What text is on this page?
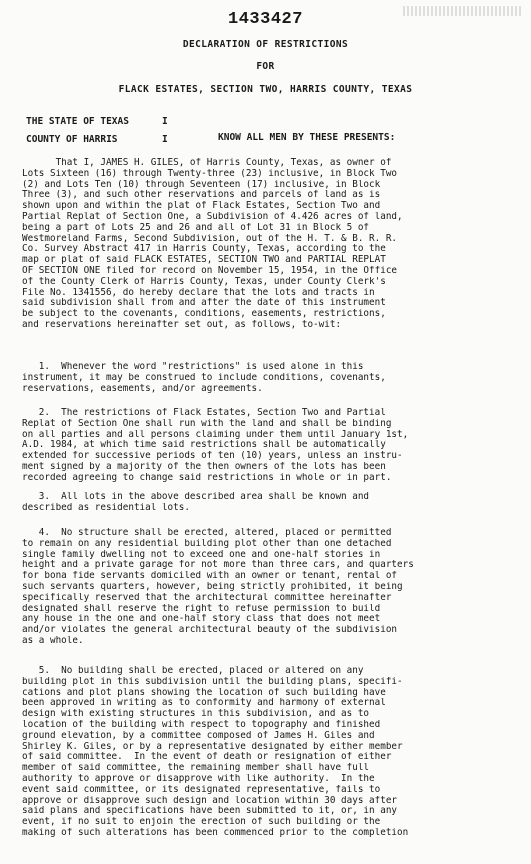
1433427
DECLARATION OF RESTRICTIONS
FOR
FLACK ESTATES, SECTION TWO, HARRIS COUNTY, TEXAS
THE STATE OF TEXAS	I
COUNTY OF HARRIS	I	KNOW ALL MEN BY THESE PRESENTS:
That I, JAMES H. GILES, of Harris County, Texas, as owner of
Lots Sixteen (16) through Twenty-three (23) inclusive, in Block Two
(2) and Lots Ten (10) through Seventeen (17) inclusive, in Block
Three (3), and such other reservations and parcels of land as is
shown upon and within the plat of Flack Estates, Section Two and
Partial Replat of Section One, a Subdivision of 4.426 acres of land,
being a part of Lots 25 and 26 and all of Lot 31 in Block 5 of
Westmoreland Farms, Second Subdivision, out of the H. T. & B. R. R.
Co. Survey Abstract 417 in Harris County, Texas, according to the
map or plat of said FLACK ESTATES, SECTION TWO and PARTIAL REPLAT
OF SECTION ONE filed for record on November 15, 1954, in the Office
of the County Clerk of Harris County, Texas, under County Clerk's
File No. 1341556, do hereby declare that the lots and tracts in
said subdivision shall from and after the date of this instrument
be subject to the covenants, conditions, easements, restrictions,
and reservations hereinafter set out, as follows, to-wit:
1.  Whenever the word "restrictions" is used alone in this
instrument, it may be construed to include conditions, covenants,
reservations, easements, and/or agreements.
2.  The restrictions of Flack Estates, Section Two and Partial
Replat of Section One shall run with the land and shall be binding
on all parties and all persons claiming under them until January 1st,
A.D. 1984, at which time said restrictions shall be automatically
extended for successive periods of ten (10) years, unless an instru-
ment signed by a majority of the then owners of the lots has been
recorded agreeing to change said restrictions in whole or in part.
3.  All lots in the above described area shall be known and
described as residential lots.
4.  No structure shall be erected, altered, placed or permitted
to remain on any residential building plot other than one detached
single family dwelling not to exceed one and one-half stories in
height and a private garage for not more than three cars, and quarters
for bona fide servants domiciled with an owner or tenant, rental of
such servants quarters, however, being strictly prohibited, it being
specifically reserved that the architectural committee hereinafter
designated shall reserve the right to refuse permission to build
any house in the one and one-half story class that does not meet
and/or violates the general architectural beauty of the subdivision
as a whole.
5.  No building shall be erected, placed or altered on any
building plot in this subdivision until the building plans, specifi-
cations and plot plans showing the location of such building have
been approved in writing as to conformity and harmony of external
design with existing structures in this subdivision, and as to
location of the building with respect to topography and finished
ground elevation, by a committee composed of James H. Giles and
Shirley K. Giles, or by a representative designated by either member
of said committee.  In the event of death or resignation of either
member of said committee, the remaining member shall have full
authority to approve or disapprove with like authority.  In the
event said committee, or its designated representative, fails to
approve or disapprove such design and location within 30 days after
said plans and specifications have been submitted to it, or, in any
event, if no suit to enjoin the erection of such building or the
making of such alterations has been commenced prior to the completion
